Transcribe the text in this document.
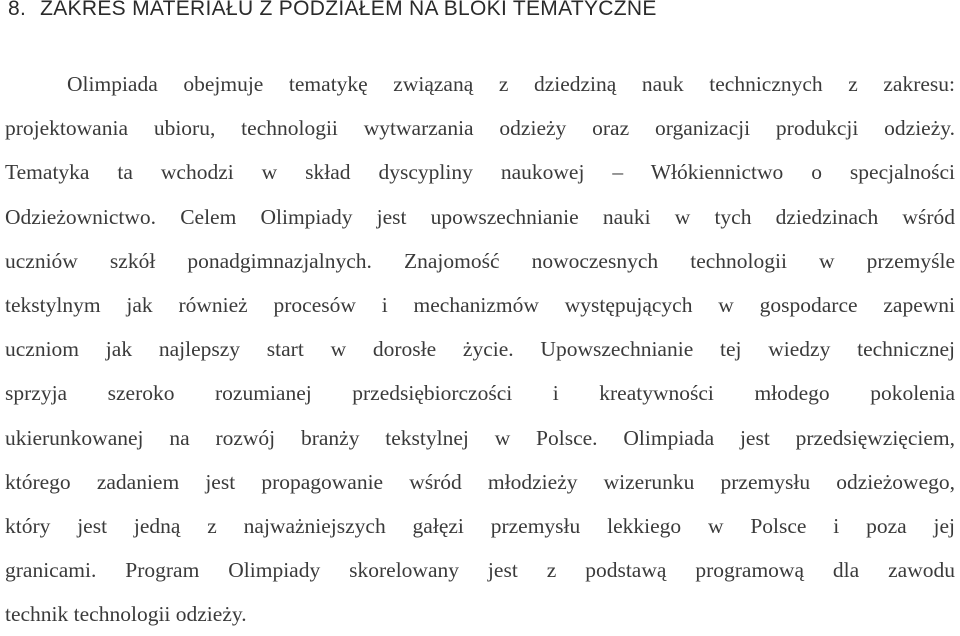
8. ZAKRES MATERIAŁU Z PODZIAŁEM NA BLOKI TEMATYCZNE
Olimpiada obejmuje tematykę związaną z dziedziną nauk technicznych z zakresu:
projektowania ubioru, technologii wytwarzania odzieży oraz organizacji produkcji odzieży.
Tematyka ta wchodzi w skład dyscypliny naukowej – Włókiennictwo o specjalności
Odzieżownictwo. Celem Olimpiady jest upowszechnianie nauki w tych dziedzinach wśród
uczniów szkół ponadgimnazjalnych. Znajomość nowoczesnych technologii w przemyśle
tekstylnym jak również procesów i mechanizmów występujących w gospodarce zapewni
uczniom jak najlepszy start w dorosłe życie. Upowszechnianie tej wiedzy technicznej
sprzyja szeroko rozumianej przedsiębiorczości i kreatywności młodego pokolenia
ukierunkowanej na rozwój branży tekstylnej w Polsce. Olimpiada jest przedsięwzięciem,
którego zadaniem jest propagowanie wśród młodzieży wizerunku przemysłu odzieżowego,
który jest jedną z najważniejszych gałęzi przemysłu lekkiego w Polsce i poza jej
granicami. Program Olimpiady skorelowany jest z podstawą programową dla zawodu
technik technologii odzieży.
